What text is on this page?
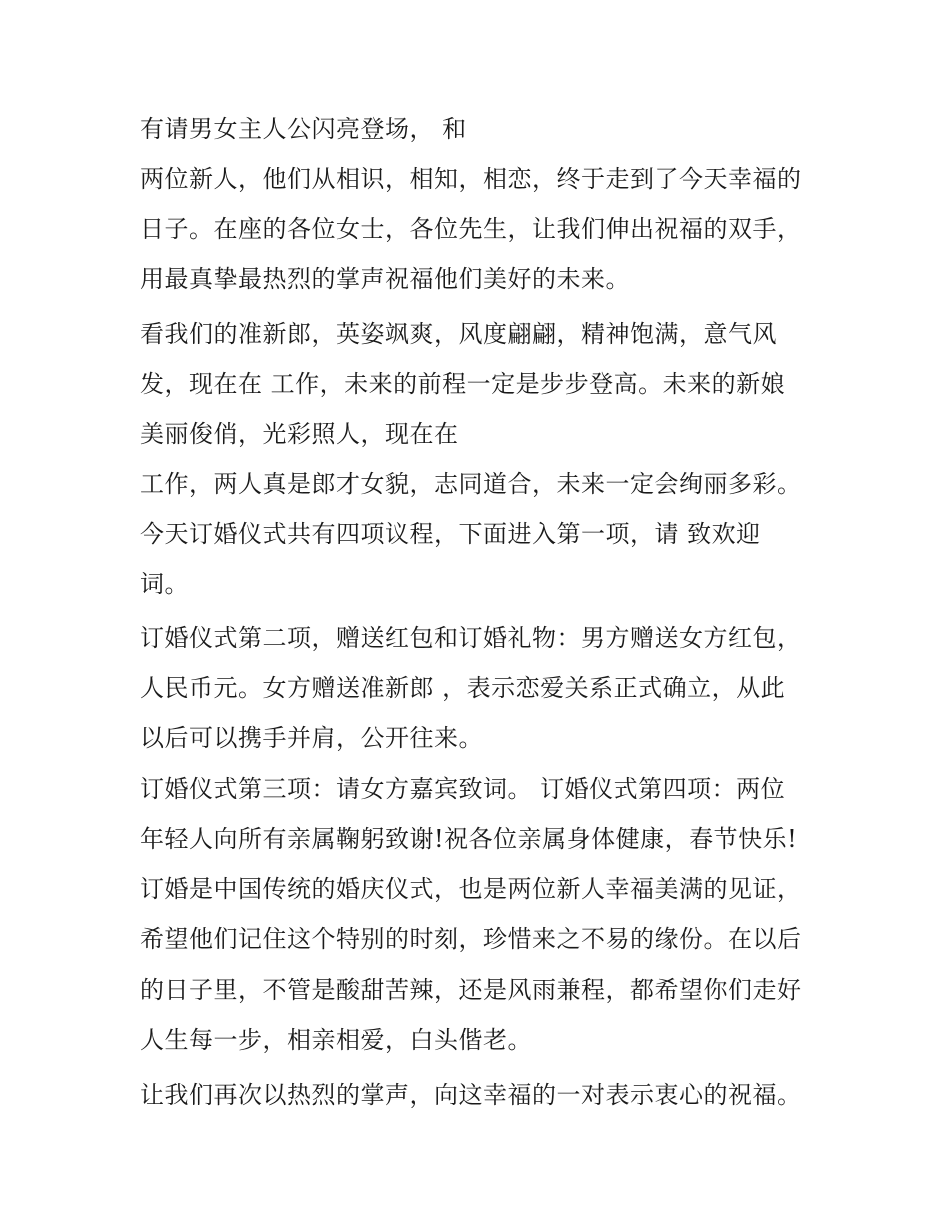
有请男女主人公闪亮登场， 和
两位新人，他们从相识，相知，相恋，终于走到了今天幸福的
日子。在座的各位女士，各位先生，让我们伸出祝福的双手，
用最真挚最热烈的掌声祝福他们美好的未来。
看我们的准新郎，英姿飒爽，风度翩翩，精神饱满，意气风
发，现在在 工作，未来的前程一定是步步登高。未来的新娘
美丽俊俏，光彩照人，现在在
工作，两人真是郎才女貌，志同道合，未来一定会绚丽多彩。
今天订婚仪式共有四项议程，下面进入第一项，请 致欢迎
词。
订婚仪式第二项，赠送红包和订婚礼物：男方赠送女方红包，
人民币元。女方赠送准新郎 ，表示恋爱关系正式确立，从此
以后可以携手并肩，公开往来。
订婚仪式第三项：请女方嘉宾致词。 订婚仪式第四项：两位
年轻人向所有亲属鞠躬致谢!祝各位亲属身体健康，春节快乐!
订婚是中国传统的婚庆仪式，也是两位新人幸福美满的见证，
希望他们记住这个特别的时刻，珍惜来之不易的缘份。在以后
的日子里，不管是酸甜苦辣，还是风雨兼程，都希望你们走好
人生每一步，相亲相爱，白头偕老。
让我们再次以热烈的掌声，向这幸福的一对表示衷心的祝福。
